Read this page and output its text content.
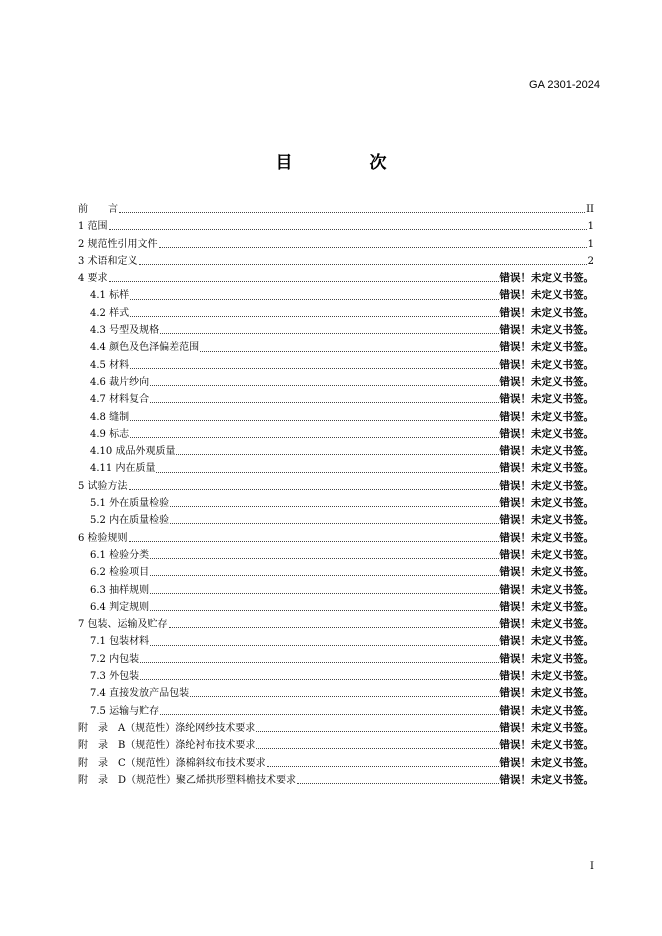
GA 2301-2024
目　次
前　　言	II
1 范围	1
2 规范性引用文件	1
3 术语和定义	2
4 要求	错误！未定义书签。
4.1 标样	错误！未定义书签。
4.2 样式	错误！未定义书签。
4.3 号型及规格	错误！未定义书签。
4.4 颜色及色泽偏差范围	错误！未定义书签。
4.5 材料	错误！未定义书签。
4.6 裁片纱向	错误！未定义书签。
4.7 材料复合	错误！未定义书签。
4.8 缝制	错误！未定义书签。
4.9 标志	错误！未定义书签。
4.10 成品外观质量	错误！未定义书签。
4.11 内在质量	错误！未定义书签。
5 试验方法	错误！未定义书签。
5.1 外在质量检验	错误！未定义书签。
5.2 内在质量检验	错误！未定义书签。
6 检验规则	错误！未定义书签。
6.1 检验分类	错误！未定义书签。
6.2 检验项目	错误！未定义书签。
6.3 抽样规则	错误！未定义书签。
6.4 判定规则	错误！未定义书签。
7 包装、运输及贮存	错误！未定义书签。
7.1 包装材料	错误！未定义书签。
7.2 内包装	错误！未定义书签。
7.3 外包装	错误！未定义书签。
7.4 直接发放产品包装	错误！未定义书签。
7.5 运输与贮存	错误！未定义书签。
附　录　A（规范性）涤纶网纱技术要求	错误！未定义书签。
附　录　B（规范性）涤纶衬布技术要求	错误！未定义书签。
附　录　C（规范性）涤棉斜纹布技术要求	错误！未定义书签。
附　录　D（规范性）聚乙烯拱形塑料檐技术要求	错误！未定义书签。
I
